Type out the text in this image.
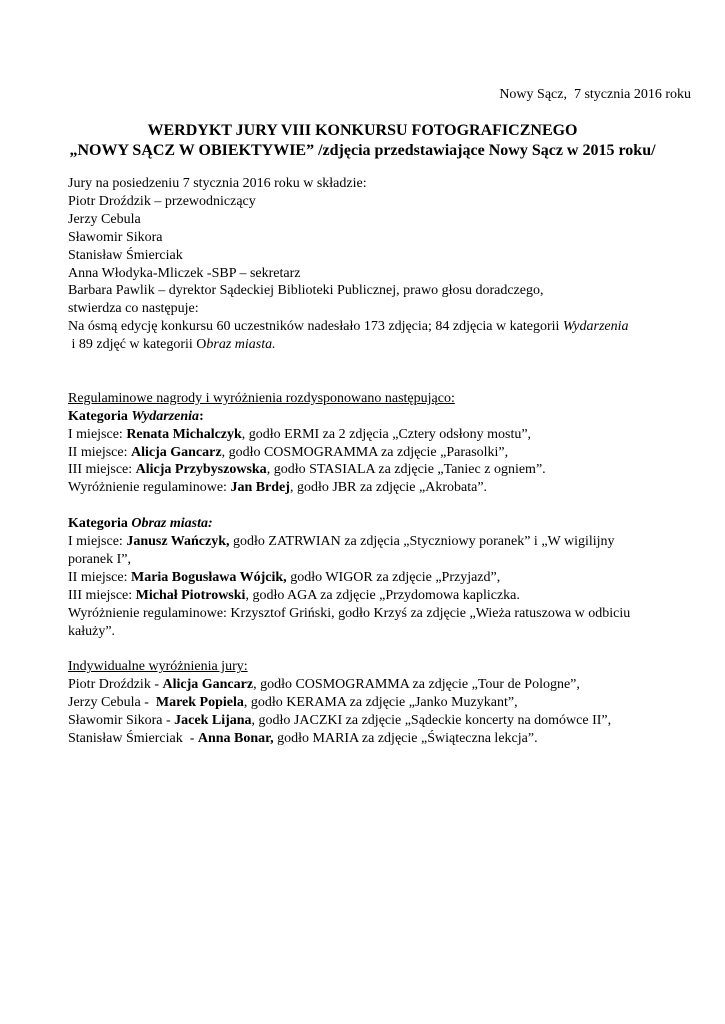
Nowy Sącz,  7 stycznia 2016 roku
WERDYKT JURY VIII KONKURSU FOTOGRAFICZNEGO
„NOWY SĄCZ W OBIEKTYWIE” /zdjęcia przedstawiające Nowy Sącz w 2015 roku/
Jury na posiedzeniu 7 stycznia 2016 roku w składzie:
Piotr Droździk – przewodniczący
Jerzy Cebula
Sławomir Sikora
Stanisław Śmierciak
Anna Włodyka-Mliczek -SBP – sekretarz
Barbara Pawlik – dyrektor Sądeckiej Biblioteki Publicznej, prawo głosu doradczego,
stwierdza co następuje:
Na ósmą edycję konkursu 60 uczestników nadesłało 173 zdjęcia; 84 zdjęcia w kategorii Wydarzenia
i 89 zdjęć w kategorii Obraz miasta.
Regulaminowe nagrody i wyróżnienia rozdysponowano następująco:
Kategoria Wydarzenia:
I miejsce: Renata Michalczyk, godło ERMI za 2 zdjęcia „Cztery odsłony mostu”,
II miejsce: Alicja Gancarz, godło COSMOGRAMMA za zdjęcie „Parasolki”,
III miejsce: Alicja Przybyszowska, godło STASIALA za zdjęcie „Taniec z ogniem”.
Wyróżnienie regulaminowe: Jan Brdej, godło JBR za zdjęcie „Akrobata”.
Kategoria Obraz miasta:
I miejsce: Janusz Wańczyk, godło ZATRWIAN za zdjęcia „Styczniowy poranek” i „W wigilijny
poranek I”,
II miejsce: Maria Bogusława Wójcik, godło WIGOR za zdjęcie „Przyjazd”,
III miejsce: Michał Piotrowski, godło AGA za zdjęcie „Przydomowa kapliczka.
Wyróżnienie regulaminowe: Krzysztof Griński, godło Krzyś za zdjęcie „Wieża ratuszowa w odbiciu
kałuży”.
Indywidualne wyróżnienia jury:
Piotr Droździk - Alicja Gancarz, godło COSMOGRAMMA za zdjęcie „Tour de Pologne”,
Jerzy Cebula -  Marek Popiela, godło KERAMA za zdjęcie „Janko Muzykant”,
Sławomir Sikora - Jacek Lijana, godło JACZKI za zdjęcie „Sądeckie koncerty na domówce II”,
Stanisław Śmierciak  - Anna Bonar, godło MARIA za zdjęcie „Świąteczna lekcja”.
